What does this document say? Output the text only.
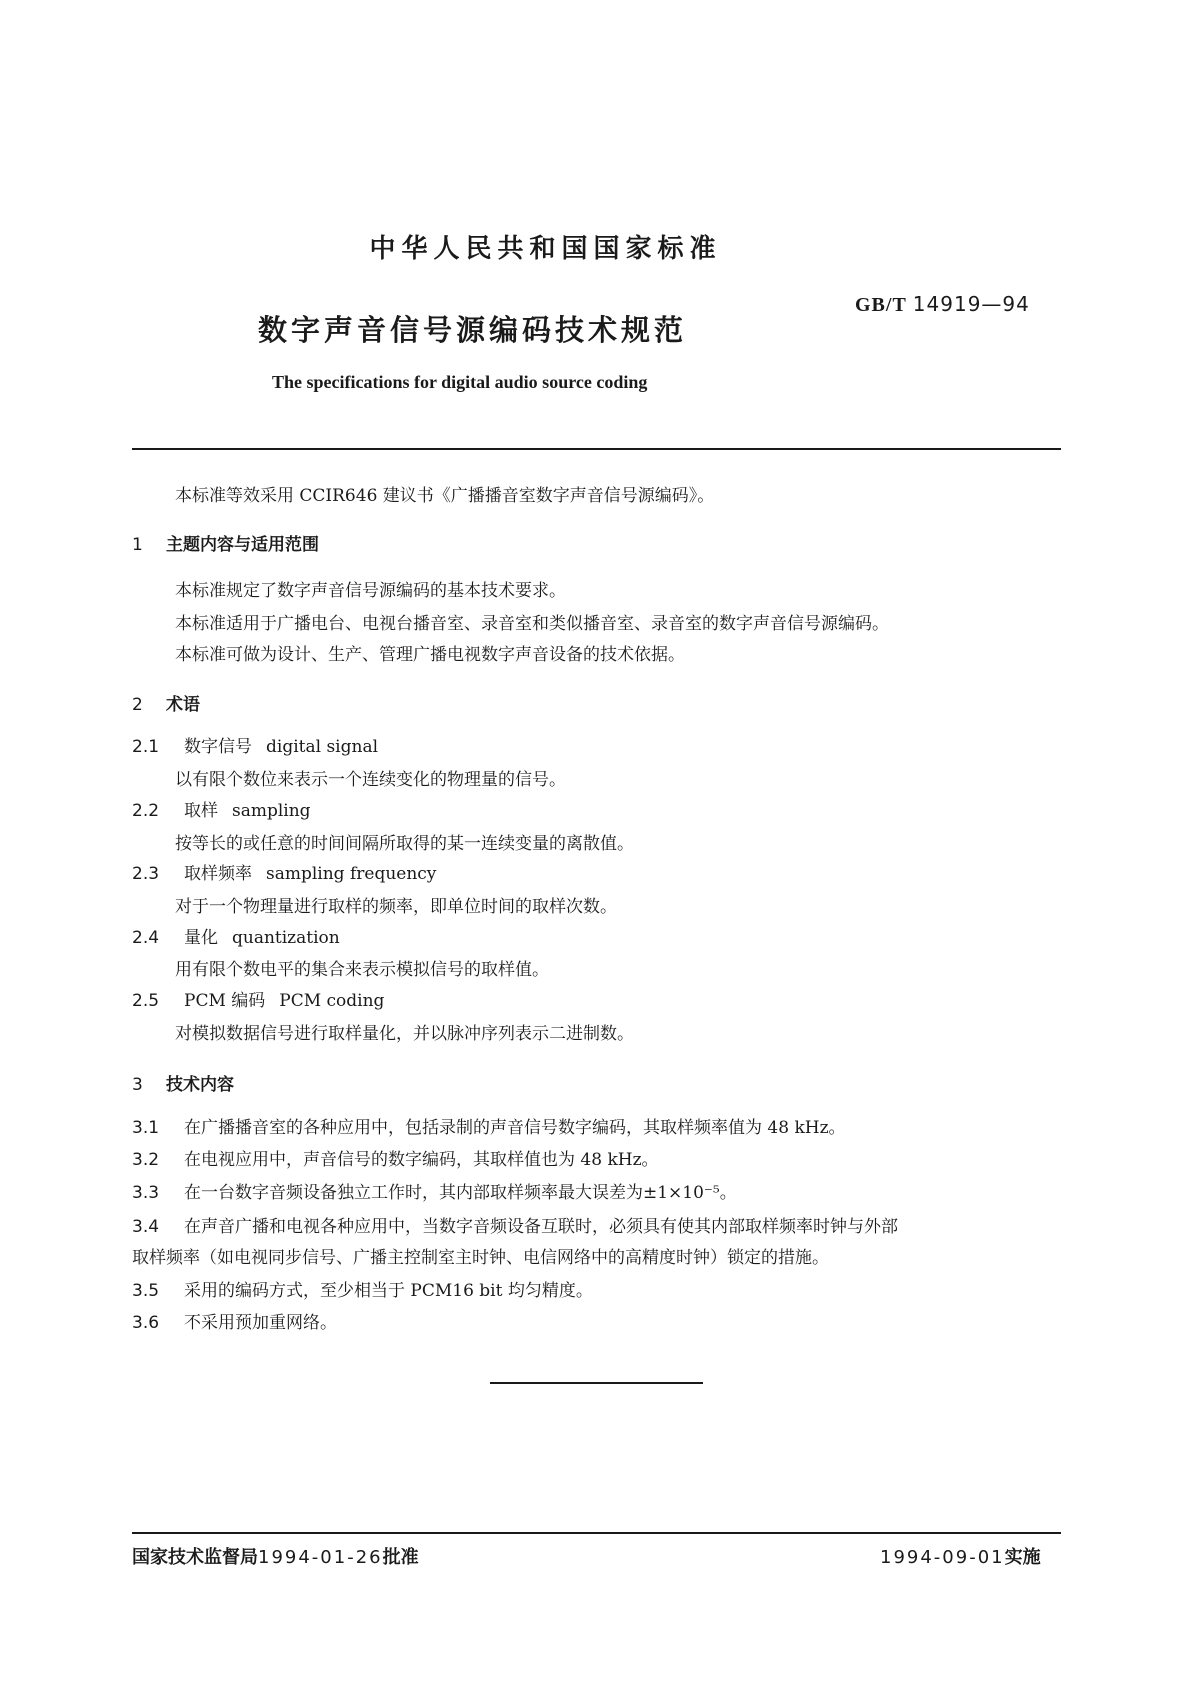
中华人民共和国国家标准
GB/T 14919—94
数字声音信号源编码技术规范
The specifications for digital audio source coding
本标准等效采用 CCIR646 建议书《广播播音室数字声音信号源编码》。
1 主题内容与适用范围
本标准规定了数字声音信号源编码的基本技术要求。
本标准适用于广播电台、电视台播音室、录音室和类似播音室、录音室的数字声音信号源编码。
本标准可做为设计、生产、管理广播电视数字声音设备的技术依据。
2 术语
2.1 数字信号 digital signal
以有限个数位来表示一个连续变化的物理量的信号。
2.2 取样 sampling
按等长的或任意的时间间隔所取得的某一连续变量的离散值。
2.3 取样频率 sampling frequency
对于一个物理量进行取样的频率，即单位时间的取样次数。
2.4 量化 quantization
用有限个数电平的集合来表示模拟信号的取样值。
2.5 PCM 编码 PCM coding
对模拟数据信号进行取样量化，并以脉冲序列表示二进制数。
3 技术内容
3.1 在广播播音室的各种应用中，包括录制的声音信号数字编码，其取样频率值为 48 kHz。
3.2 在电视应用中，声音信号的数字编码，其取样值也为 48 kHz。
3.3 在一台数字音频设备独立工作时，其内部取样频率最大误差为±1×10⁻⁵。
3.4 在声音广播和电视各种应用中，当数字音频设备互联时，必须具有使其内部取样频率时钟与外部
取样频率（如电视同步信号、广播主控制室主时钟、电信网络中的高精度时钟）锁定的措施。
3.5 采用的编码方式，至少相当于 PCM16 bit 均匀精度。
3.6 不采用预加重网络。
国家技术监督局1994-01-26批准	1994-09-01实施
